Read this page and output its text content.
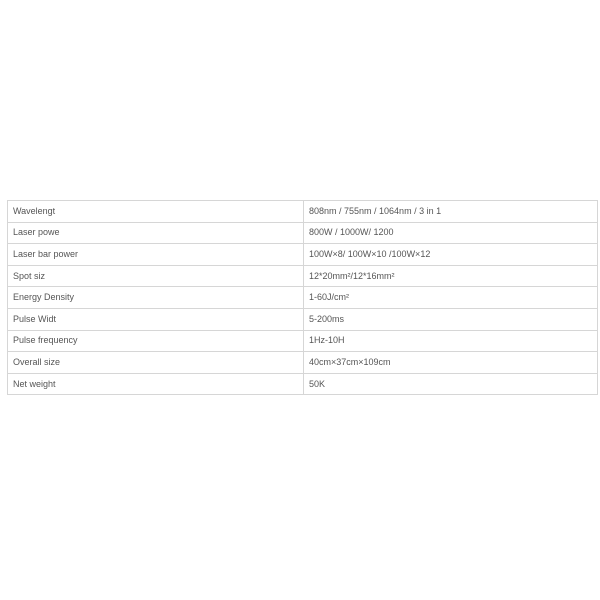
Wavelengt	808nm / 755nm / 1064nm / 3 in 1
Laser powe	800W / 1000W/ 1200
Laser bar power	100W×8/ 100W×10 /100W×12
Spot siz	12*20mm²/12*16mm²
Energy Density	1-60J/cm²
Pulse Widt	5-200ms
Pulse frequency	1Hz-10H
Overall size	40cm×37cm×109cm
Net weight	50K
